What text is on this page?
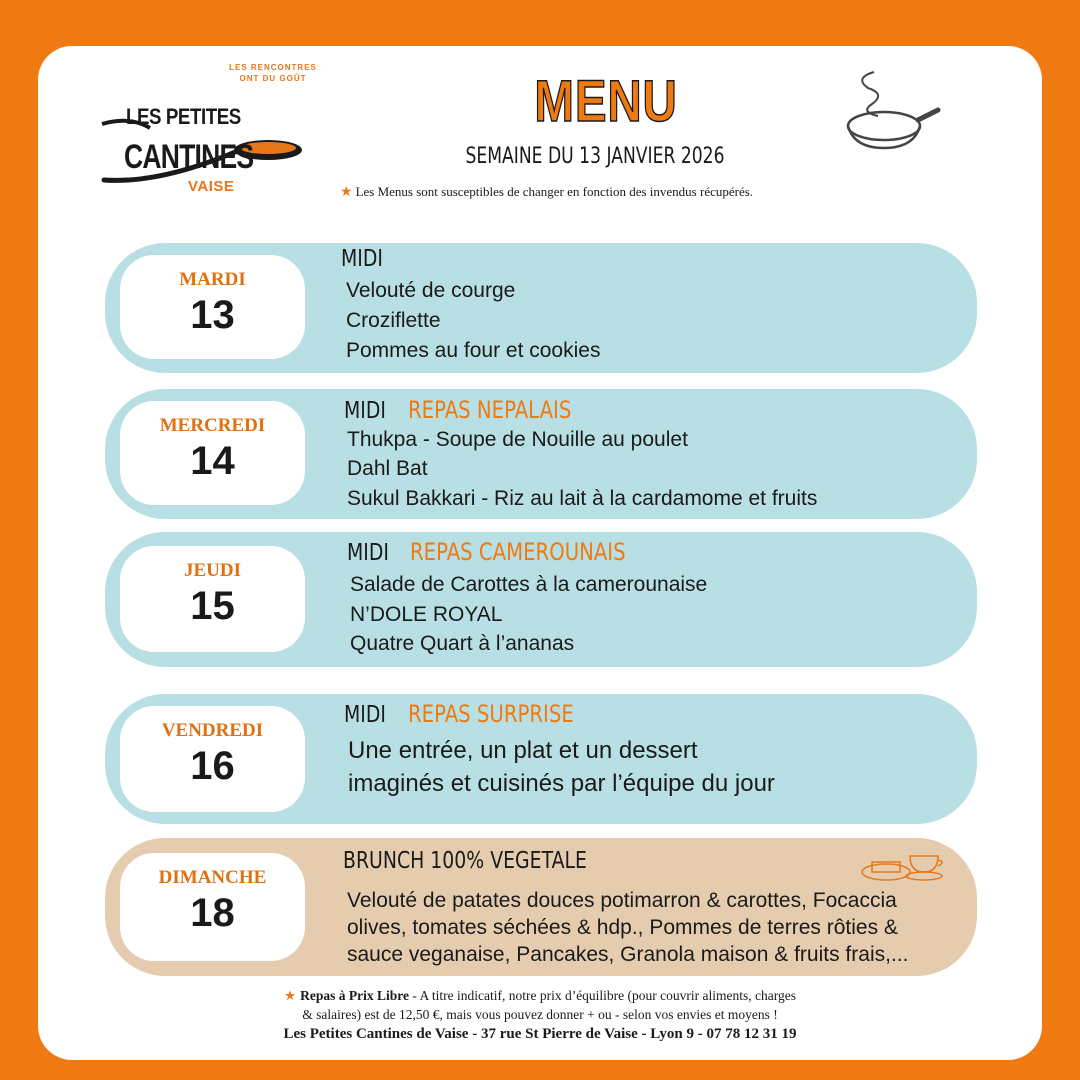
LES PETITES
CANTINES
VAISE
LES RENCONTRES ONT DU GOÛT	MENU
SEMAINE DU 13 JANVIER 2026
★ Les Menus sont susceptibles de changer en fonction des invendus récupérés.
MARDI
13
MIDI
Velouté de courge
Croziflette
Pommes au four et cookies
MERCREDI
14
MIDI REPAS NEPALAIS
Thukpa - Soupe de Nouille au poulet
Dahl Bat
Sukul Bakkari - Riz au lait à la cardamome et fruits
JEUDI
15
MIDI REPAS CAMEROUNAIS
Salade de Carottes à la camerounaise
N’DOLE ROYAL
Quatre Quart à l’ananas
VENDREDI
16
MIDI REPAS SURPRISE
Une entrée, un plat et un dessert
imaginés et cuisinés par l’équipe du jour
DIMANCHE
18
BRUNCH 100% VEGETALE
Velouté de patates douces potimarron & carottes, Focaccia
olives, tomates séchées & hdp., Pommes de terres rôties &
sauce veganaise, Pancakes, Granola maison & fruits frais,...
★ Repas à Prix Libre - A titre indicatif, notre prix d’équilibre (pour couvrir aliments, charges
& salaires) est de 12,50 €, mais vous pouvez donner + ou - selon vos envies et moyens !
Les Petites Cantines de Vaise - 37 rue St Pierre de Vaise - Lyon 9 - 07 78 12 31 19
